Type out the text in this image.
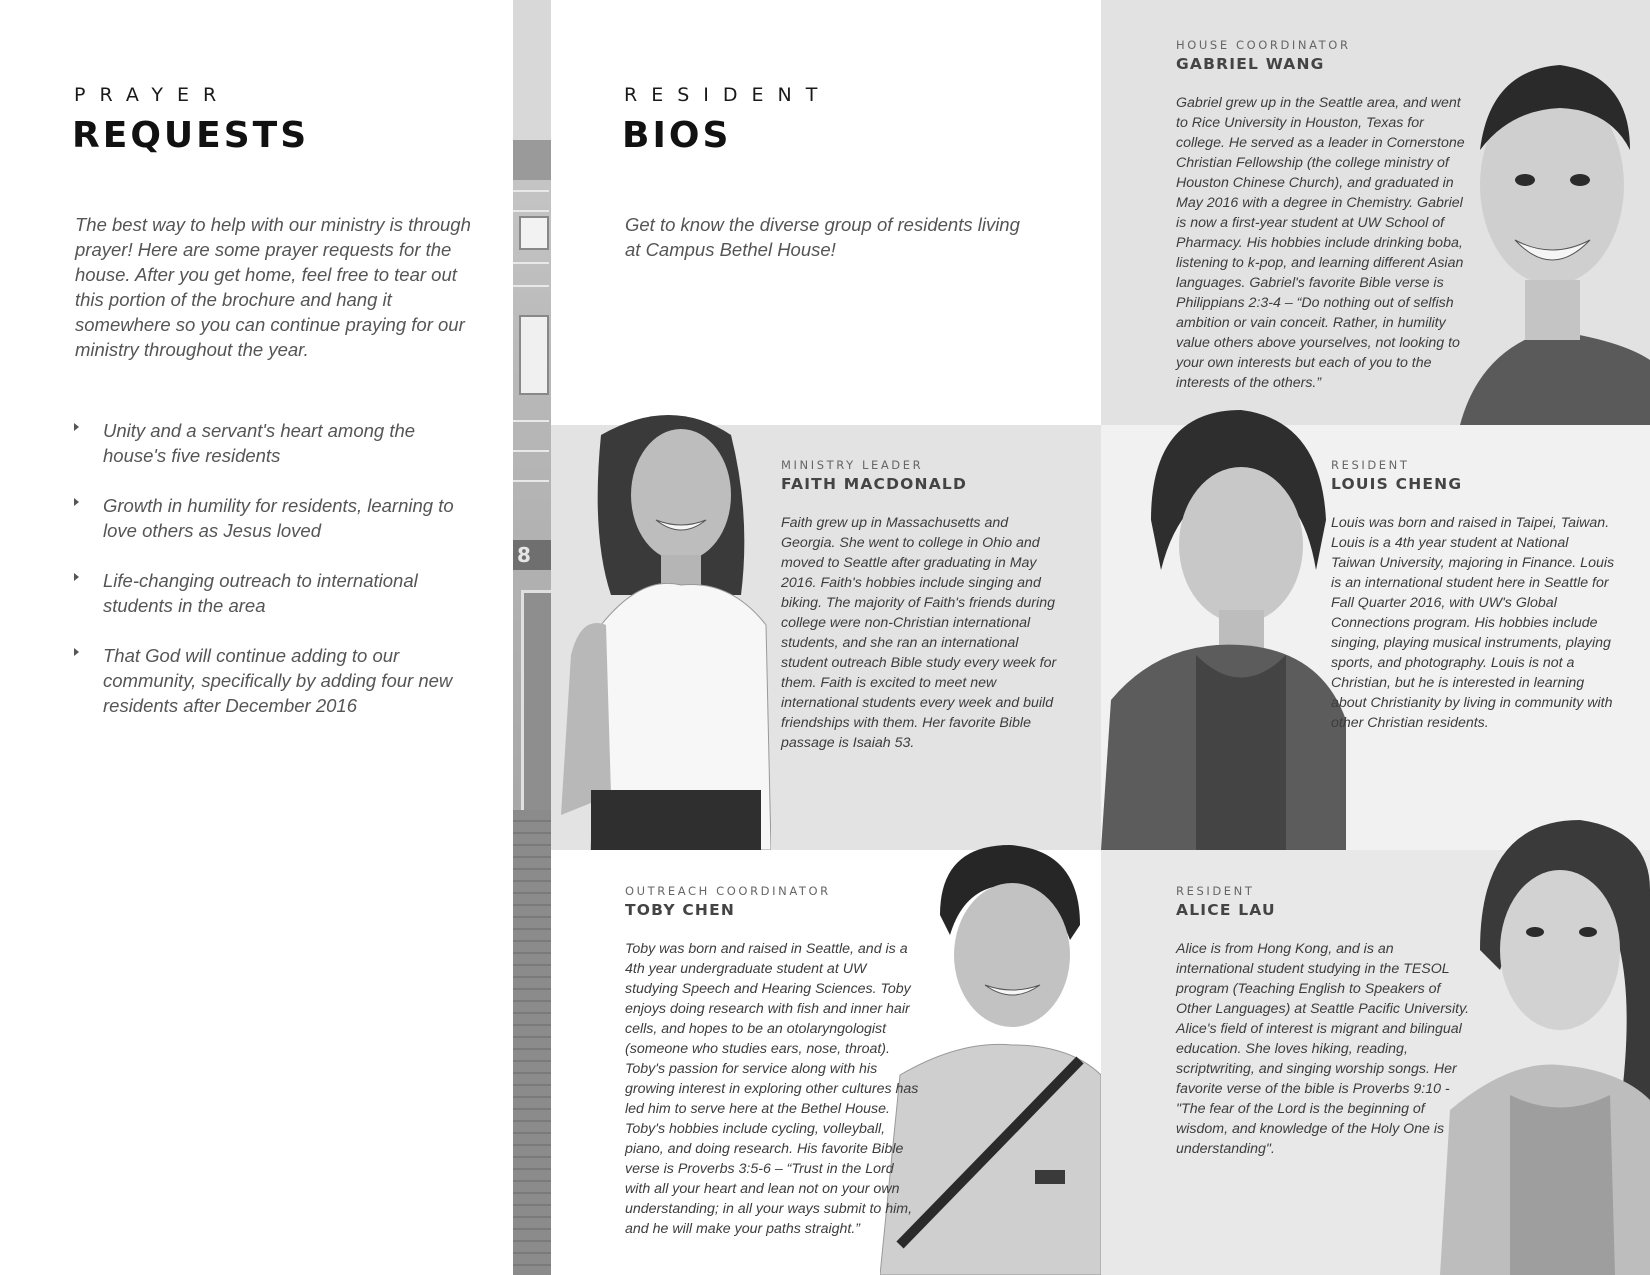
PRAYER

REQUESTS
The best way to help with our ministry is through prayer! Here are some prayer requests for the house. After you get home, feel free to tear out this portion of the brochure and hang it somewhere so you can continue praying for our ministry throughout the year.
Unity and a servant's heart among the house's five residents
Growth in humility for residents, learning to love others as Jesus loved
Life-changing outreach to international students in the area
That God will continue adding to our community, specifically by adding four new residents after December 2016
8

RESIDENT

BIOS
Get to know the diverse group of residents living at Campus Bethel House!
HOUSE COORDINATOR
GABRIEL WANG
Gabriel grew up in the Seattle area, and went to Rice University in Houston, Texas for college. He served as a leader in Cornerstone Christian Fellowship (the college ministry of Houston Chinese Church), and graduated in May 2016 with a degree in Chemistry. Gabriel is now a first-year student at UW School of Pharmacy. His hobbies include drinking boba, listening to k-pop, and learning different Asian languages. Gabriel's favorite Bible verse is Philippians 2:3-4 – “Do nothing out of selfish ambition or vain conceit. Rather, in humility value others above yourselves, not looking to your own interests but each of you to the interests of the others.”
MINISTRY LEADER
FAITH MACDONALD
Faith grew up in Massachusetts and Georgia. She went to college in Ohio and moved to Seattle after graduating in May 2016. Faith's hobbies include singing and biking. The majority of Faith's friends during college were non-Christian international students, and she ran an international student outreach Bible study every week for them. Faith is excited to meet new international students every week and build friendships with them. Her favorite Bible passage is Isaiah 53.
RESIDENT
LOUIS CHENG
Louis was born and raised in Taipei, Taiwan. Louis is a 4th year student at National Taiwan University, majoring in Finance. Louis is an international student here in Seattle for Fall Quarter 2016, with UW's Global Connections program. His hobbies include singing, playing musical instruments, playing sports, and photography. Louis is not a Christian, but he is interested in learning about Christianity by living in community with other Christian residents.
OUTREACH COORDINATOR
TOBY CHEN
Toby was born and raised in Seattle, and is a 4th year undergraduate student at UW studying Speech and Hearing Sciences. Toby enjoys doing research with fish and inner hair cells, and hopes to be an otolaryngologist (someone who studies ears, nose, throat). Toby's passion for service along with his growing interest in exploring other cultures has led him to serve here at the Bethel House. Toby's hobbies include cycling, volleyball, piano, and doing research. His favorite Bible verse is Proverbs 3:5-6 – “Trust in the Lord with all your heart and lean not on your own understanding; in all your ways submit to him, and he will make your paths straight.”
RESIDENT
ALICE LAU
Alice is from Hong Kong, and is an international student studying in the TESOL program (Teaching English to Speakers of Other Languages) at Seattle Pacific University. Alice's field of interest is migrant and bilingual education. She loves hiking, reading, scriptwriting, and singing worship songs. Her favorite verse of the bible is Proverbs 9:10 - "The fear of the Lord is the beginning of wisdom, and knowledge of the Holy One is understanding".
